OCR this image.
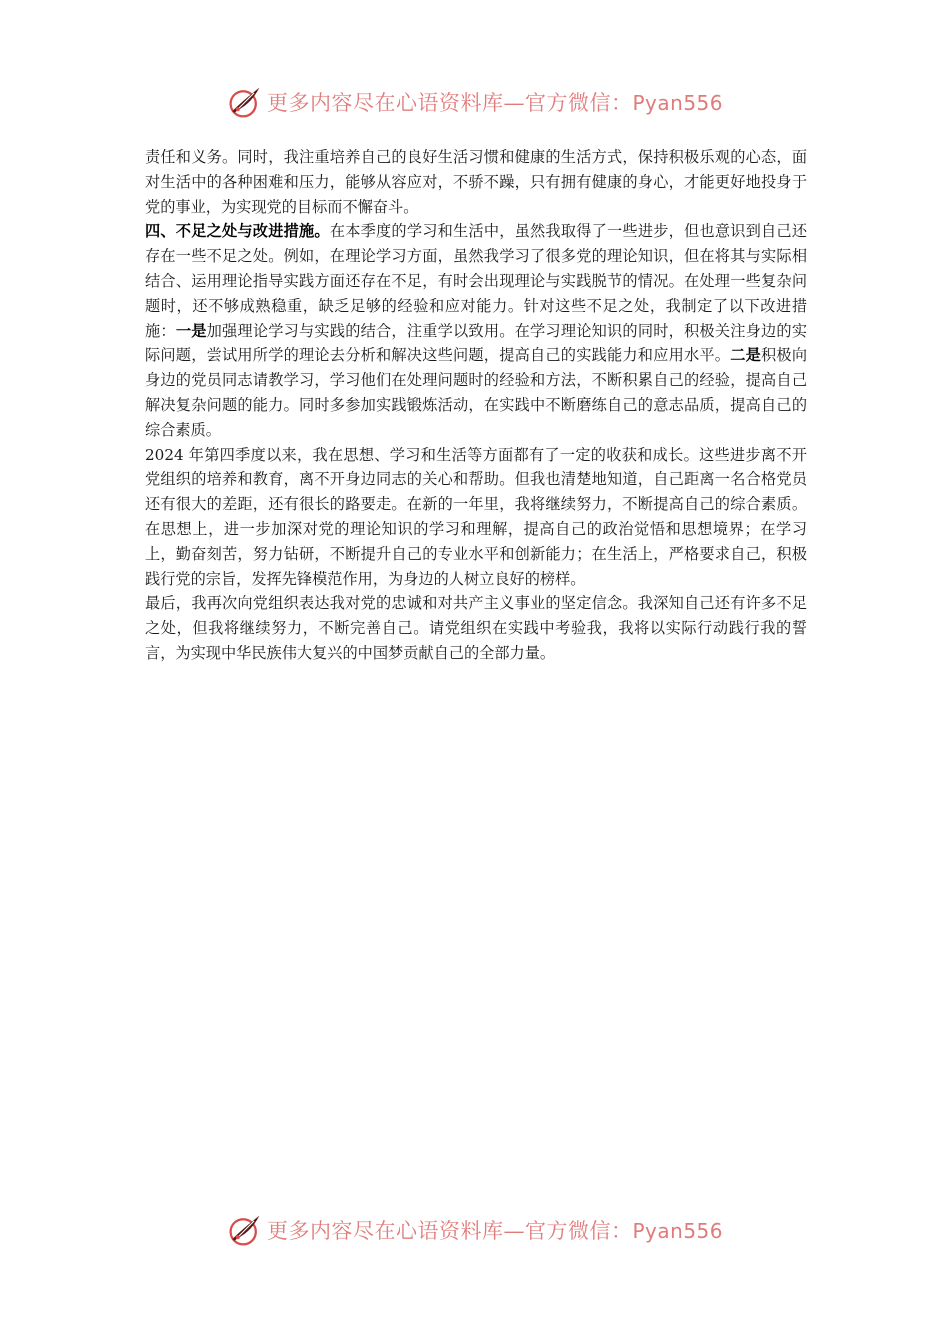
更多内容尽在心语资料库—官方微信：Pyan556

责任和义务。同时，我注重培养自己的良好生活习惯和健康的生活方式，保持积极乐观的心态，面对生活中的各种困难和压力，能够从容应对，不骄不躁，只有拥有健康的身心，才能更好地投身于党的事业，为实现党的目标而不懈奋斗。

四、不足之处与改进措施。在本季度的学习和生活中，虽然我取得了一些进步，但也意识到自己还存在一些不足之处。例如，在理论学习方面，虽然我学习了很多党的理论知识，但在将其与实际相结合、运用理论指导实践方面还存在不足，有时会出现理论与实践脱节的情况。在处理一些复杂问题时，还不够成熟稳重，缺乏足够的经验和应对能力。针对这些不足之处，我制定了以下改进措施：一是加强理论学习与实践的结合，注重学以致用。在学习理论知识的同时，积极关注身边的实际问题，尝试用所学的理论去分析和解决这些问题，提高自己的实践能力和应用水平。二是积极向身边的党员同志请教学习，学习他们在处理问题时的经验和方法，不断积累自己的经验，提高自己解决复杂问题的能力。同时多参加实践锻炼活动，在实践中不断磨练自己的意志品质，提高自己的综合素质。

2024 年第四季度以来，我在思想、学习和生活等方面都有了一定的收获和成长。这些进步离不开党组织的培养和教育，离不开身边同志的关心和帮助。但我也清楚地知道，自己距离一名合格党员还有很大的差距，还有很长的路要走。在新的一年里，我将继续努力，不断提高自己的综合素质。在思想上，进一步加深对党的理论知识的学习和理解，提高自己的政治觉悟和思想境界；在学习上，勤奋刻苦，努力钻研，不断提升自己的专业水平和创新能力；在生活上，严格要求自己，积极践行党的宗旨，发挥先锋模范作用，为身边的人树立良好的榜样。

最后，我再次向党组织表达我对党的忠诚和对共产主义事业的坚定信念。我深知自己还有许多不足之处，但我将继续努力，不断完善自己。请党组织在实践中考验我，我将以实际行动践行我的誓言，为实现中华民族伟大复兴的中国梦贡献自己的全部力量。

更多内容尽在心语资料库—官方微信：Pyan556
